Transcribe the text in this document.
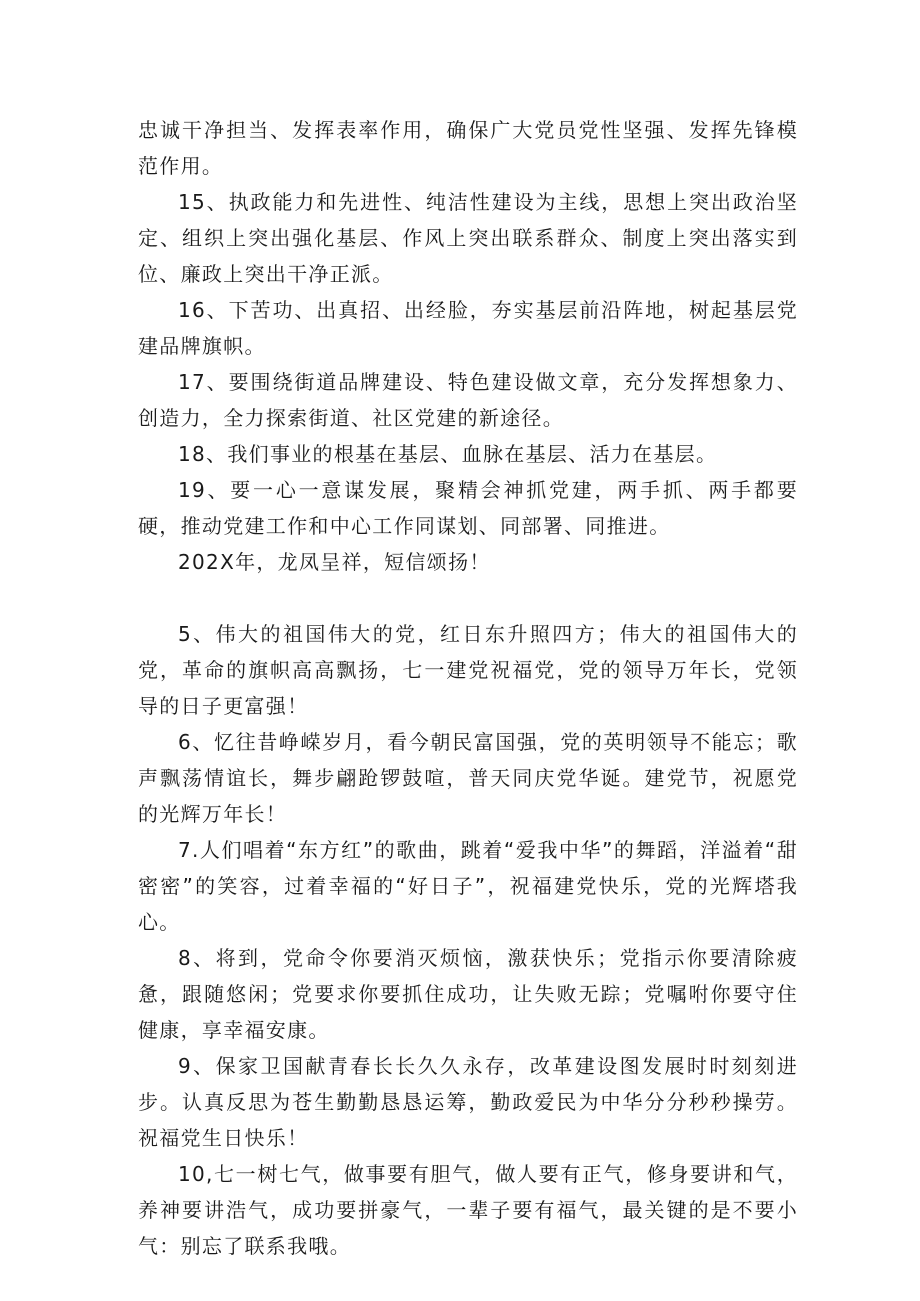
忠诚干净担当、发挥表率作用，确保广大党员党性坚强、发挥先锋模范作用。

15、执政能力和先进性、纯洁性建设为主线，思想上突出政治坚定、组织上突出强化基层、作风上突出联系群众、制度上突出落实到位、廉政上突出干净正派。

16、下苦功、出真招、出经脸，夯实基层前沿阵地，树起基层党建品牌旗帜。

17、要围绕街道品牌建设、特色建设做文章，充分发挥想象力、创造力，全力探索街道、社区党建的新途径。

18、我们事业的根基在基层、血脉在基层、活力在基层。

19、要一心一意谋发展，聚精会神抓党建，两手抓、两手都要硬，推动党建工作和中心工作同谋划、同部署、同推进。

202X年，龙凤呈祥，短信颂扬！

5、伟大的祖国伟大的党，红日东升照四方；伟大的祖国伟大的党，革命的旗帜高高飘扬，七一建党祝福党，党的领导万年长，党领导的日子更富强！

6、忆往昔峥嵘岁月，看今朝民富国强，党的英明领导不能忘；歌声飘荡情谊长，舞步翩跄锣鼓喧，普天同庆党华诞。建党节，祝愿党的光辉万年长！

7.人们唱着“东方红”的歌曲，跳着“爱我中华”的舞蹈，洋溢着“甜密密”的笑容，过着幸福的“好日子”，祝福建党快乐，党的光辉塔我心。

8、将到，党命令你要消灭烦恼，激获快乐；党指示你要清除疲惫，跟随悠闲；党要求你要抓住成功，让失败无踪；党嘱咐你要守住健康，享幸福安康。

9、保家卫国献青春长长久久永存，改革建设图发展时时刻刻进步。认真反思为苍生勤勤恳恳运筹，勤政爱民为中华分分秒秒操劳。祝福党生日快乐！

10,七一树七气，做事要有胆气，做人要有正气，修身要讲和气，养神要讲浩气，成功要拼豪气，一辈子要有福气，最关键的是不要小气：别忘了联系我哦。
